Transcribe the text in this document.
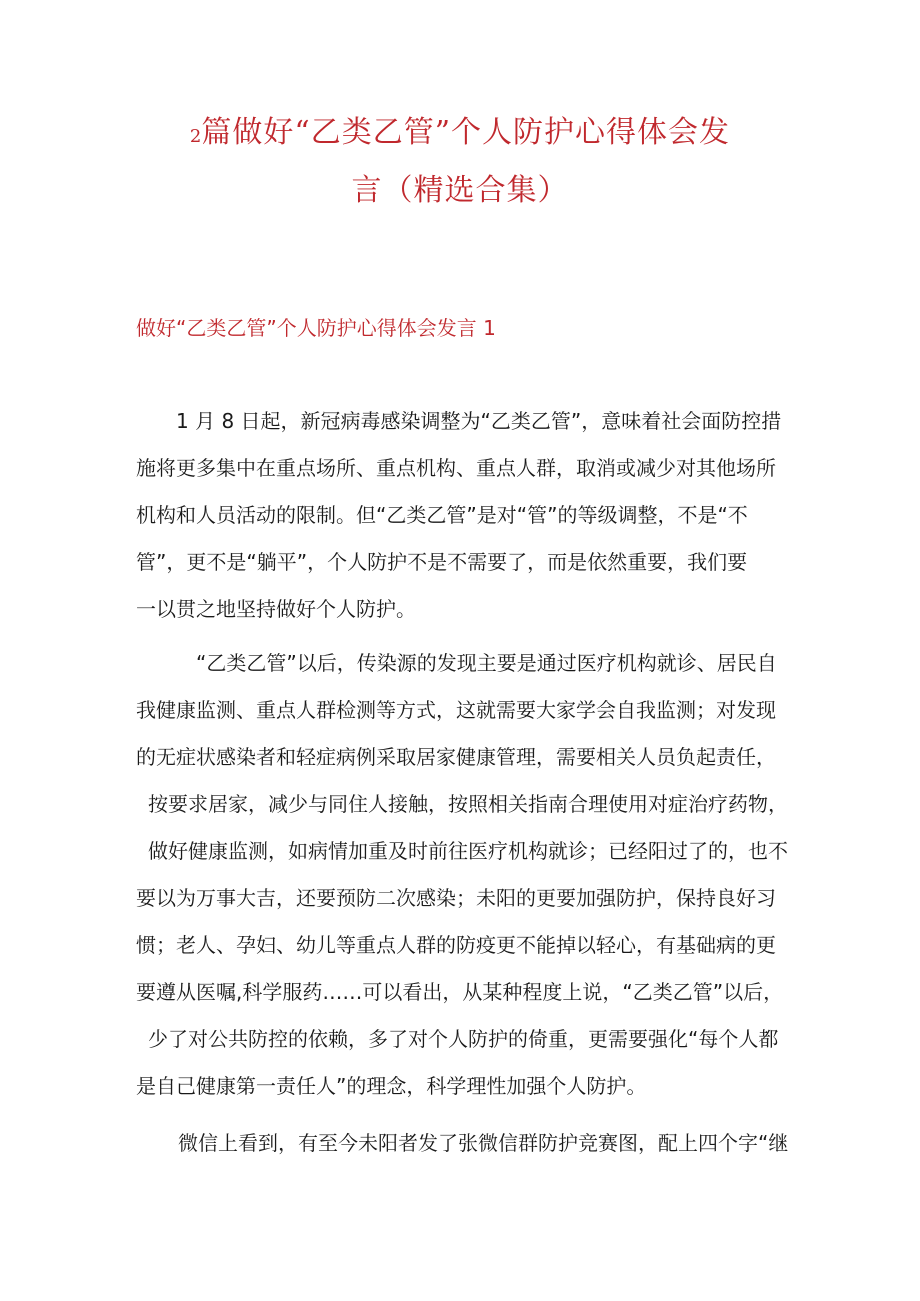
2篇做好“乙类乙管”个人防护心得体会发
言（精选合集）
做好“乙类乙管”个人防护心得体会发言 1
1 月 8 日起，新冠病毒感染调整为“乙类乙管”，意味着社会面防控措
施将更多集中在重点场所、重点机构、重点人群，取消或减少对其他场所
机构和人员活动的限制。但“乙类乙管”是对“管”的等级调整，不是“不
管”，更不是“躺平”，个人防护不是不需要了，而是依然重要，我们要
一以贯之地坚持做好个人防护。
“乙类乙管”以后，传染源的发现主要是通过医疗机构就诊、居民自
我健康监测、重点人群检测等方式，这就需要大家学会自我监测；对发现
的无症状感染者和轻症病例采取居家健康管理，需要相关人员负起责任，
按要求居家，减少与同住人接触，按照相关指南合理使用对症治疗药物，
做好健康监测，如病情加重及时前往医疗机构就诊；已经阳过了的，也不
要以为万事大吉，还要预防二次感染；未阳的更要加强防护，保持良好习
惯；老人、孕妇、幼儿等重点人群的防疫更不能掉以轻心，有基础病的更
要遵从医嘱,科学服药……可以看出，从某种程度上说，“乙类乙管”以后，
少了对公共防控的依赖，多了对个人防护的倚重，更需要强化“每个人都
是自己健康第一责任人”的理念，科学理性加强个人防护。
微信上看到，有至今未阳者发了张微信群防护竞赛图，配上四个字“继
